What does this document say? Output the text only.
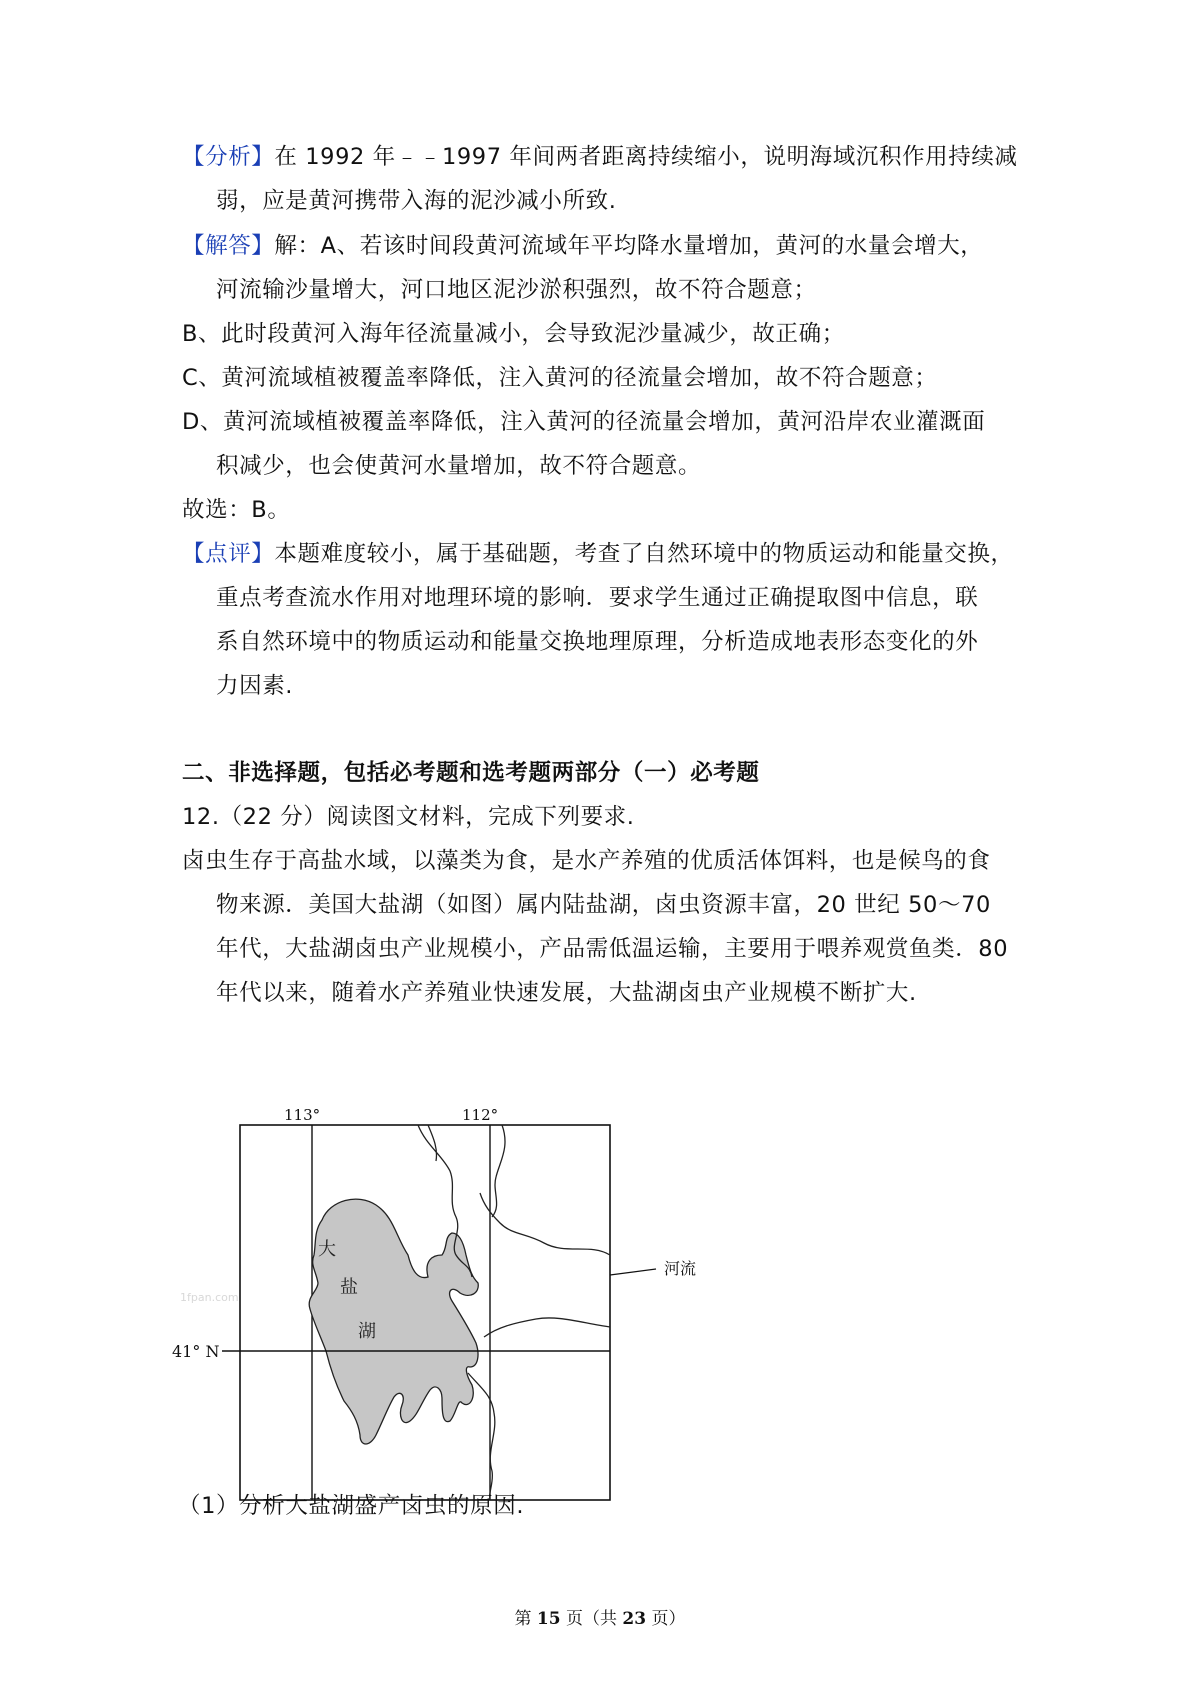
【分析】在 1992 年﹣﹣1997 年间两者距离持续缩小，说明海域沉积作用持续减
弱，应是黄河携带入海的泥沙减小所致.
【解答】解：A、若该时间段黄河流域年平均降水量增加，黄河的水量会增大，
河流输沙量增大，河口地区泥沙淤积强烈，故不符合题意；
B、此时段黄河入海年径流量减小，会导致泥沙量减少，故正确；
C、黄河流域植被覆盖率降低，注入黄河的径流量会增加，故不符合题意；
D、黄河流域植被覆盖率降低，注入黄河的径流量会增加，黄河沿岸农业灌溉面
积减少，也会使黄河水量增加，故不符合题意。
故选：B。
【点评】本题难度较小，属于基础题，考查了自然环境中的物质运动和能量交换，
重点考查流水作用对地理环境的影响．要求学生通过正确提取图中信息，联
系自然环境中的物质运动和能量交换地理原理，分析造成地表形态变化的外
力因素.
二、非选择题，包括必考题和选考题两部分（一）必考题
12.（22 分）阅读图文材料，完成下列要求.
卤虫生存于高盐水域，以藻类为食，是水产养殖的优质活体饵料，也是候鸟的食
物来源．美国大盐湖（如图）属内陆盐湖，卤虫资源丰富，20 世纪 50～70
年代，大盐湖卤虫产业规模小，产品需低温运输，主要用于喂养观赏鱼类．80
年代以来，随着水产养殖业快速发展，大盐湖卤虫产业规模不断扩大.
113°	112°
41° N
大
盐
湖
河流
1fpan.com
（1）分析大盐湖盛产卤虫的原因.
第 15 页（共 23 页）
